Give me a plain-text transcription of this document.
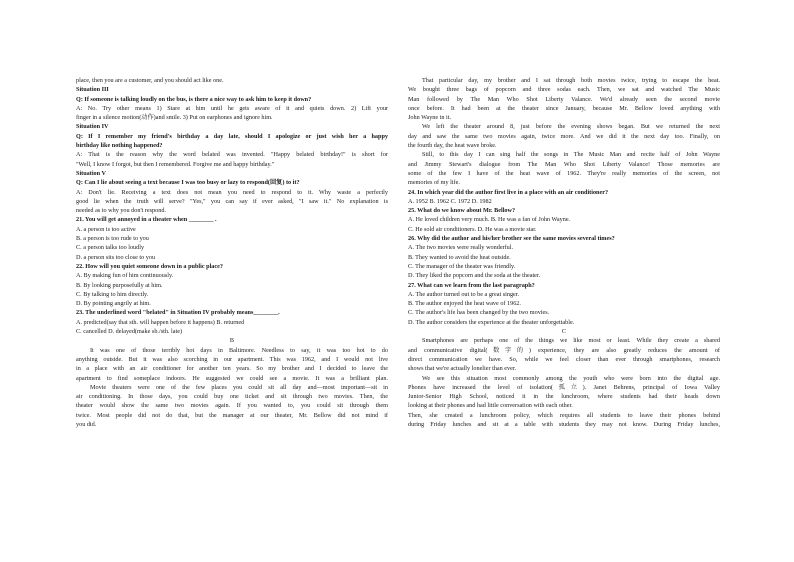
place, then you are a customer, and you should act like one.
Situation III
Q: If someone is talking loudly on the bus, is there a nice way to ask him to keep it down?
A: No. Try other means 1) Stare at him until he gets aware of it and quiets down. 2) Lift your
finger in a silence motion(动作)and smile. 3) Put on earphones and ignore him.
Situation IV
Q: If I remember my friend's birthday a day late, should I apologize or just wish her a happy
birthday like nothing happened?
A: That is the reason why the word belated was invented. "Happy belated birthday!" is short for
"Well, I know I forgot, but then I remembered. Forgive me and happy birthday."
Situation V
Q: Can I lie about seeing a text because I was too busy or lazy to respond(回复) to it?
A: Don't lie. Receiving a text does not mean you need to respond to it. Why waste a perfectly
good lie when the truth will serve? "Yes," you can say if ever asked, "I saw it." No explanation is
needed as to why you don't respond.
21. You will get annoyed in a theater when ________ .
A. a person is too active
B. a person is too rude to you
C. a person talks too loudly
D. a person sits too close to you
22. How will you quiet someone down in a public place?
A. By making fun of him continuously.
B. By looking purposefully at him.
C. By talking to him directly.
D. By pointing angrily at him.
23. The underlined word "belated" in Situation IV probably means________.
A. predicted(say that sth. will happen before it happens) B. returned
C. cancelled D. delayed(make sb./sth. late)
B
It was one of those terribly hot days in Baltimore. Needless to say, it was too hot to do
anything outside. But it was also scorching in our apartment. This was 1962, and I would not live
in a place with an air conditioner for another ten years. So my brother and I decided to leave the
apartment to find someplace indoors. He suggested we could see a movie. It was a brilliant plan.
Movie theaters were one of the few places you could sit all day and—most important—sit in
air conditioning. In those days, you could buy one ticket and sit through two movies. Then, the
theater would show the same two movies again. If you wanted to, you could sit through them
twice. Most people did not do that, but the manager at our theater, Mr. Bellow did not mind if
you did.
That particular day, my brother and I sat through both movies twice, trying to escape the heat.
We bought three bags of popcorn and three sodas each. Then, we sat and watched The Music
Man followed by The Man Who Shot Liberty Valance. We'd already seen the second movie
once before. It had been at the theater since January, because Mr. Bellow loved anything with
John Wayne in it.
We left the theater around 8, just before the evening shows began. But we returned the next
day and saw the same two movies again, twice more. And we did it the next day too. Finally, on
the fourth day, the heat wave broke.
Still, to this day I can sing half the songs in The Music Man and recite half of John Wayne
and Jimmy Stewart's dialogue from The Man Who Shot Liberty Valance! Those memories are
some of the few I have of the heat wave of 1962. They're really memories of the screen, not
memories of my life.
24. In which year did the author first live in a place with an air conditioner?
A. 1952 B. 1962 C. 1972 D. 1982
25. What do we know about Mr. Bellow?
A. He loved children very much. B. He was a fan of John Wayne.
C. He sold air conditioners. D. He was a movie star.
26. Why did the author and his/her brother see the same movies several times?
A. The two movies were really wonderful.
B. They wanted to avoid the heat outside.
C. The manager of the theater was friendly.
D. They liked the popcorn and the soda at the theater.
27. What can we learn from the last paragraph?
A. The author turned out to be a great singer.
B. The author enjoyed the heat wave of 1962.
C. The author's life has been changed by the two movies.
D. The author considers the experience at the theater unforgettable.
C
Smartphones are perhaps one of the things we like most or least. While they create a shared
and communicative digital(数字的) experience, they are also greatly reduces the amount of
direct communication we have. So, while we feel closer than ever through smartphones, research
shows that we're actually lonelier than ever.
We see this situation most commonly among the youth who were born into the digital age.
Phones have increased the level of isolation(孤立). Janet Behrens, principal of Iowa Valley
Junior-Senior High School, noticed it in the lunchroom, where students had their heads down
looking at their phones and had little conversation with each other.
Then, she created a lunchroom policy, which requires all students to leave their phones behind
during Friday lunches and sit at a table with students they may not know. During Friday lunches,
